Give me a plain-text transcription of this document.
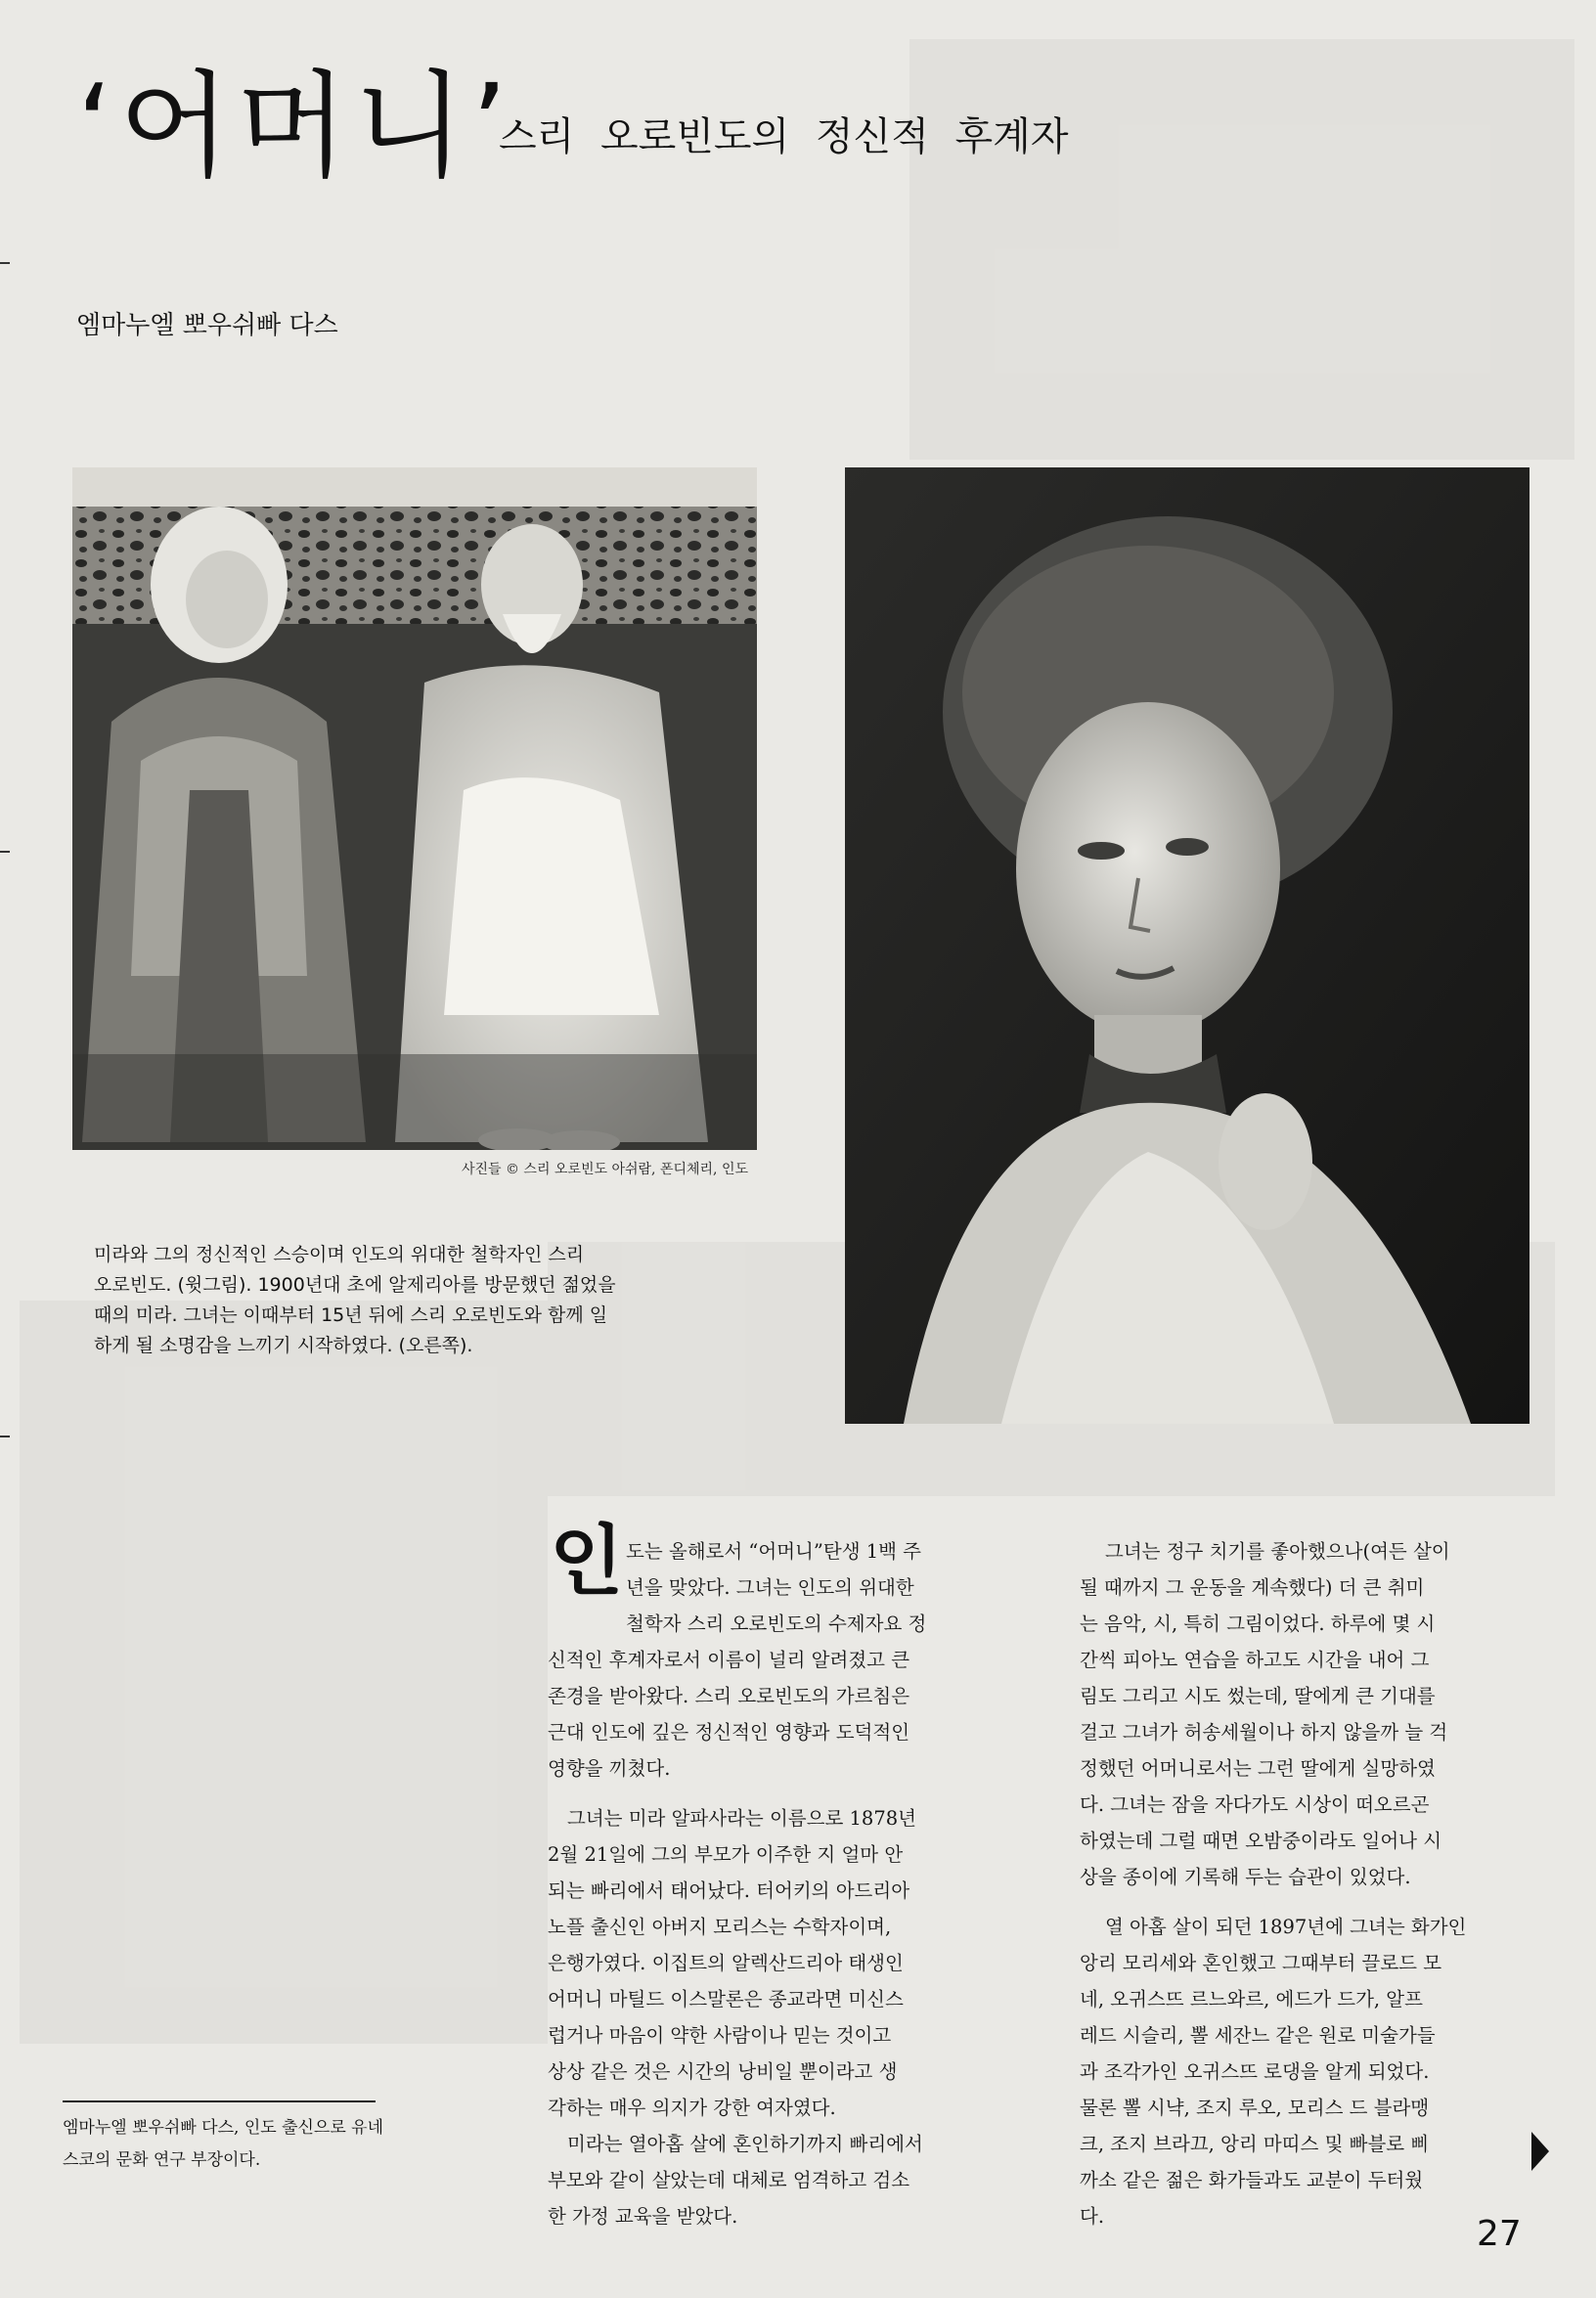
‘어머니’
스리 오로빈도의 정신적 후계자
엠마누엘 뽀우쉬빠 다스
사진들 © 스리 오로빈도 아쉬람, 폰디체리, 인도
미라와 그의 정신적인 스승이며 인도의 위대한 철학자인 스리
오로빈도. (윗그림). 1900년대 초에 알제리아를 방문했던 젊었을
때의 미라. 그녀는 이때부터 15년 뒤에 스리 오로빈도와 함께 일
하게 될 소명감을 느끼기 시작하였다. (오른쪽).
인 도는 올해로서 “어머니”탄생 1백 주
년을 맞았다. 그녀는 인도의 위대한
철학자 스리 오로빈도의 수제자요 정
신적인 후계자로서 이름이 널리 알려졌고 큰
존경을 받아왔다. 스리 오로빈도의 가르침은
근대 인도에 깊은 정신적인 영향과 도덕적인
영향을 끼쳤다.
그녀는 미라 알파사라는 이름으로 1878년
2월 21일에 그의 부모가 이주한 지 얼마 안
되는 빠리에서 태어났다. 터어키의 아드리아
노플 출신인 아버지 모리스는 수학자이며,
은행가였다. 이집트의 알렉산드리아 태생인
어머니 마틸드 이스말론은 종교라면 미신스
럽거나 마음이 약한 사람이나 믿는 것이고
상상 같은 것은 시간의 낭비일 뿐이라고 생
각하는 매우 의지가 강한 여자였다.
미라는 열아홉 살에 혼인하기까지 빠리에서
부모와 같이 살았는데 대체로 엄격하고 검소
한 가정 교육을 받았다.
그녀는 정구 치기를 좋아했으나(여든 살이
될 때까지 그 운동을 계속했다) 더 큰 취미
는 음악, 시, 특히 그림이었다. 하루에 몇 시
간씩 피아노 연습을 하고도 시간을 내어 그
림도 그리고 시도 썼는데, 딸에게 큰 기대를
걸고 그녀가 허송세월이나 하지 않을까 늘 걱
정했던 어머니로서는 그런 딸에게 실망하였
다. 그녀는 잠을 자다가도 시상이 떠오르곤
하였는데 그럴 때면 오밤중이라도 일어나 시
상을 종이에 기록해 두는 습관이 있었다.
열 아홉 살이 되던 1897년에 그녀는 화가인
앙리 모리세와 혼인했고 그때부터 끌로드 모
네, 오귀스뜨 르느와르, 에드가 드가, 알프
레드 시슬리, 뽈 세잔느 같은 원로 미술가들
과 조각가인 오귀스뜨 로댕을 알게 되었다.
물론 뽈 시냑, 조지 루오, 모리스 드 블라맹
크, 조지 브라끄, 앙리 마띠스 및 빠블로 삐
까소 같은 젊은 화가들과도 교분이 두터웠
다.
엠마누엘 뽀우쉬빠 다스, 인도 출신으로 유네
스코의 문화 연구 부장이다.
27
